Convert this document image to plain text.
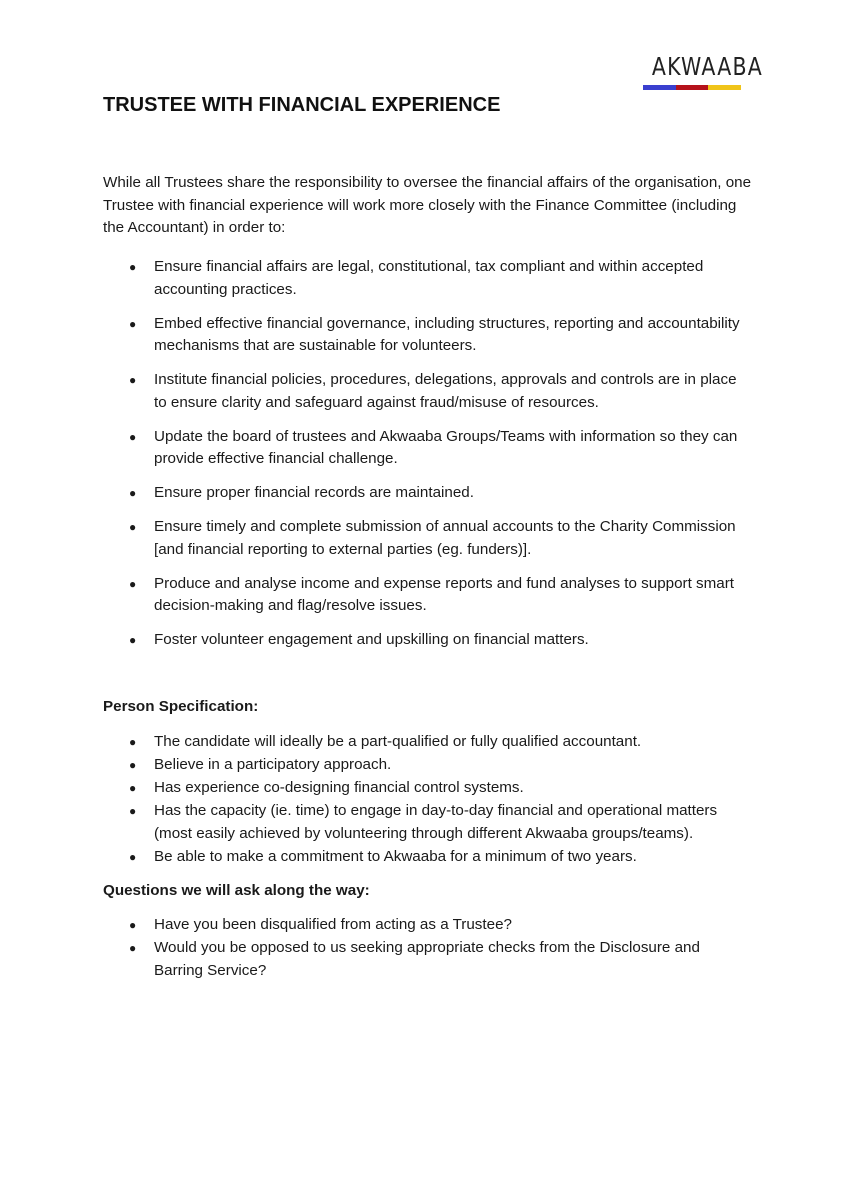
AKWAABA
TRUSTEE WITH FINANCIAL EXPERIENCE

While all Trustees share the responsibility to oversee the financial affairs of the organisation, one Trustee with financial experience will work more closely with the Finance Committee (including the Accountant) in order to:

● Ensure financial affairs are legal, constitutional, tax compliant and within accepted accounting practices.
● Embed effective financial governance, including structures, reporting and accountability mechanisms that are sustainable for volunteers.
● Institute financial policies, procedures, delegations, approvals and controls are in place to ensure clarity and safeguard against fraud/misuse of resources.
● Update the board of trustees and Akwaaba Groups/Teams with information so they can provide effective financial challenge.
● Ensure proper financial records are maintained.
● Ensure timely and complete submission of annual accounts to the Charity Commission [and financial reporting to external parties (eg. funders)].
● Produce and analyse income and expense reports and fund analyses to support smart decision-making and flag/resolve issues.
● Foster volunteer engagement and upskilling on financial matters.
Person Specification:
● The candidate will ideally be a part-qualified or fully qualified accountant.
● Believe in a participatory approach.
● Has experience co-designing financial control systems.
● Has the capacity (ie. time) to engage in day-to-day financial and operational matters (most easily achieved by volunteering through different Akwaaba groups/teams).
● Be able to make a commitment to Akwaaba for a minimum of two years.
Questions we will ask along the way:
● Have you been disqualified from acting as a Trustee?
● Would you be opposed to us seeking appropriate checks from the Disclosure and Barring Service?
